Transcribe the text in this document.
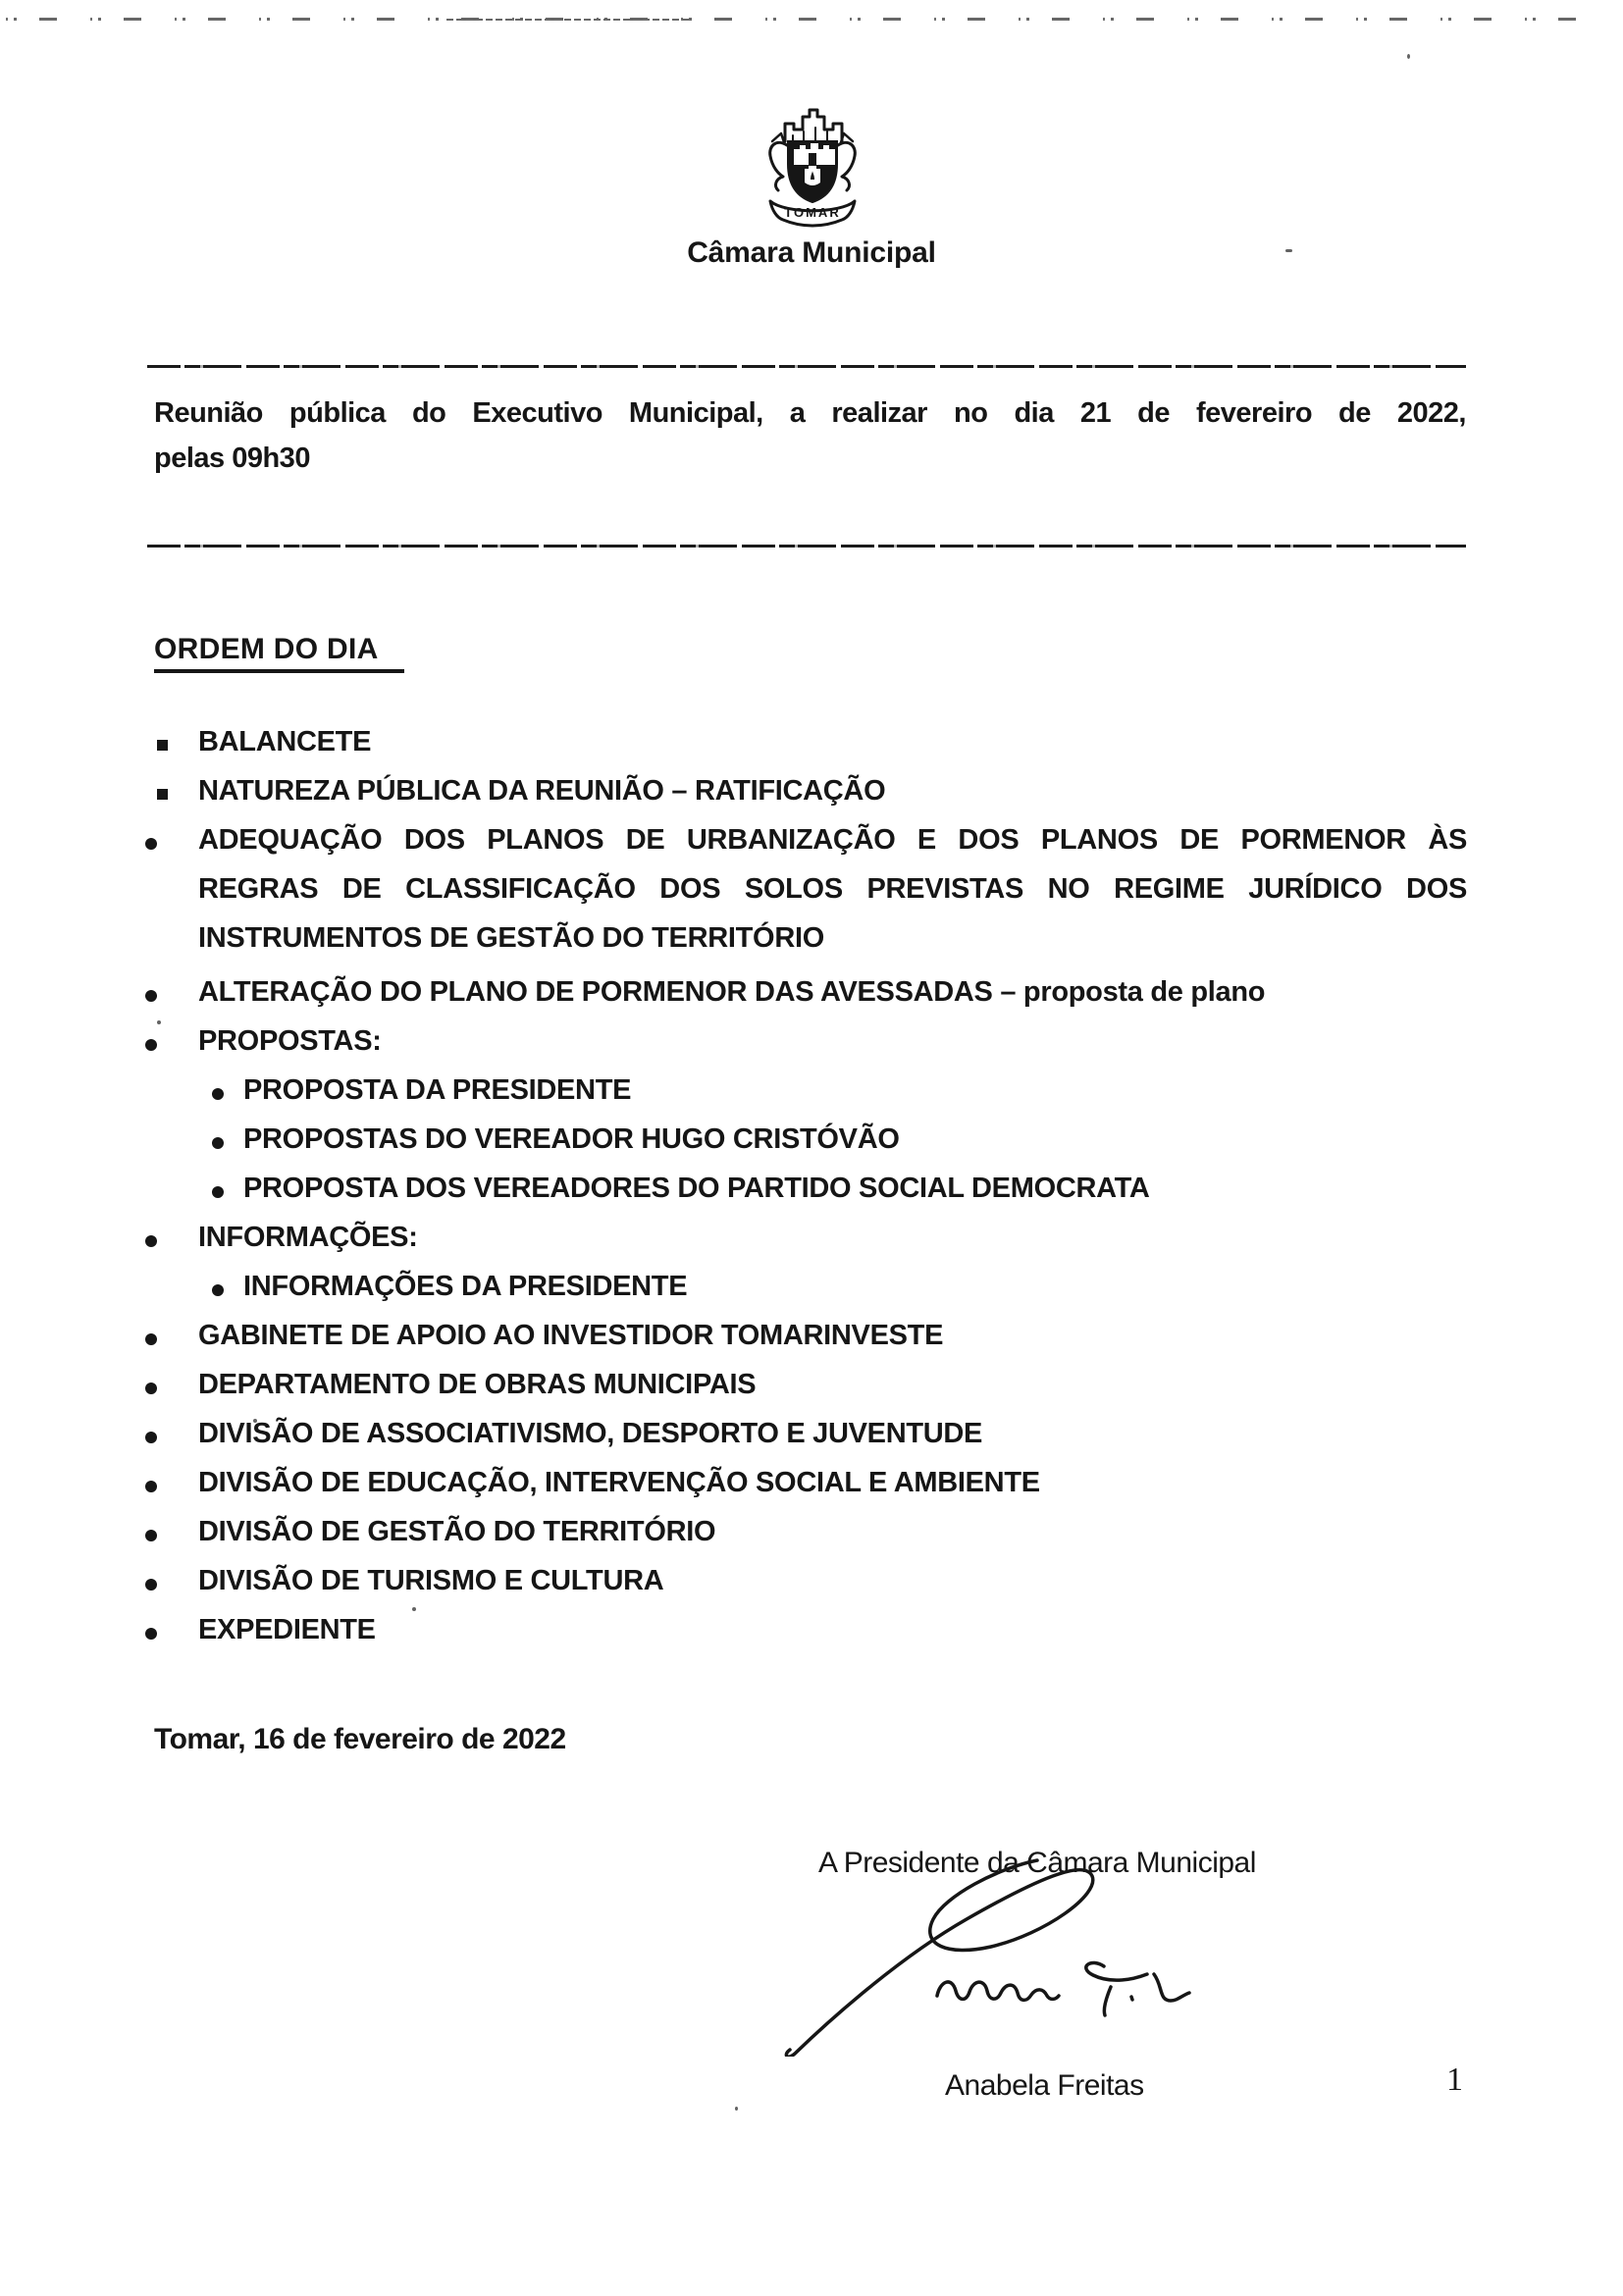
TOMAR
Câmara Municipal
Reunião pública do Executivo Municipal, a realizar no dia 21 de fevereiro de 2022,
pelas 09h30
ORDEM DO DIA
BALANCETE
NATUREZA PÚBLICA DA REUNIÃO – RATIFICAÇÃO
ADEQUAÇÃO DOS PLANOS DE URBANIZAÇÃO E DOS PLANOS DE PORMENOR ÀS
REGRAS DE CLASSIFICAÇÃO DOS SOLOS PREVISTAS NO REGIME JURÍDICO DOS
INSTRUMENTOS DE GESTÃO DO TERRITÓRIO
ALTERAÇÃO DO PLANO DE PORMENOR DAS AVESSADAS – proposta de plano
PROPOSTAS:
PROPOSTA DA PRESIDENTE
PROPOSTAS DO VEREADOR HUGO CRISTÓVÃO
PROPOSTA DOS VEREADORES DO PARTIDO SOCIAL DEMOCRATA
INFORMAÇÕES:
INFORMAÇÕES DA PRESIDENTE
GABINETE DE APOIO AO INVESTIDOR TOMARINVESTE
DEPARTAMENTO DE OBRAS MUNICIPAIS
DIVISÃO DE ASSOCIATIVISMO, DESPORTO E JUVENTUDE
DIVISÃO DE EDUCAÇÃO, INTERVENÇÃO SOCIAL E AMBIENTE
DIVISÃO DE GESTÃO DO TERRITÓRIO
DIVISÃO DE TURISMO E CULTURA
EXPEDIENTE
Tomar, 16 de fevereiro de 2022
A Presidente da Câmara Municipal
Anabela Freitas	1
